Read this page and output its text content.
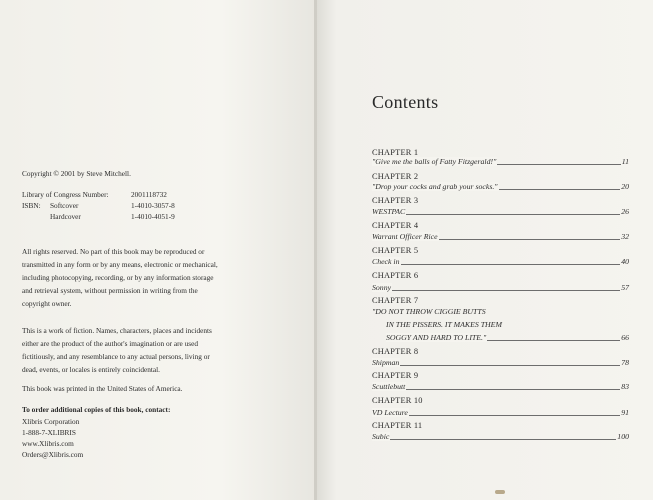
Copyright © 2001 by Steve Mitchell.
Library of Congress Number:	2001118732
ISBN: Softcover	1-4010-3057-8
Hardcover	1-4010-4051-9
All rights reserved. No part of this book may be reproduced or
transmitted in any form or by any means, electronic or mechanical,
including photocopying, recording, or by any information storage
and retrieval system, without permission in writing from the
copyright owner.
This is a work of fiction. Names, characters, places and incidents
either are the product of the author's imagination or are used
fictitiously, and any resemblance to any actual persons, living or
dead, events, or locales is entirely coincidental.
This book was printed in the United States of America.
To order additional copies of this book, contact:
Xlibris Corporation
1-888-7-XLIBRIS
www.Xlibris.com
Orders@Xlibris.com
Contents
CHAPTER 1
"Give me the balls of Fatty Fitzgerald!"	11
CHAPTER 2
"Drop your cocks and grab your socks."	20
CHAPTER 3
WESTPAC	26
CHAPTER 4
Warrant Officer Rice	32
CHAPTER 5
Check in	40
CHAPTER 6
Sonny	57
CHAPTER 7
"DO NOT THROW CIGGIE BUTTS
IN THE PISSERS. IT MAKES THEM
SOGGY AND HARD TO LITE."	66
CHAPTER 8
Shipman	78
CHAPTER 9
Scuttlebutt	83
CHAPTER 10
VD Lecture	91
CHAPTER 11
Subic	100
